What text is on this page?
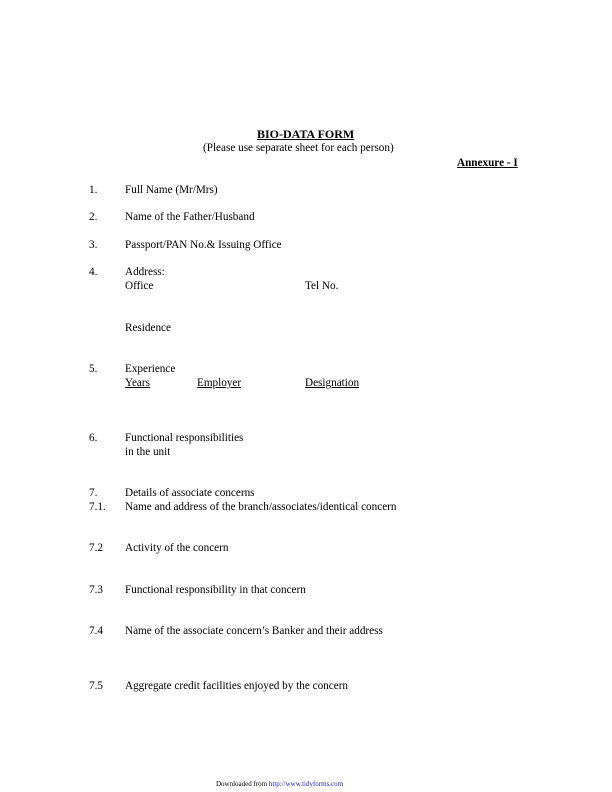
BIO-DATA FORM
(Please use separate sheet for each person)
Annexure - I
1. Full Name (Mr/Mrs)
2. Name of the Father/Husband
3. Passport/PAN No.& Issuing Office
4. Address:
Office	Tel No.
Residence
5. Experience
Years	Employer	Designation
6. Functional responsibilities
in the unit
7. Details of associate concerns
7.1. Name and address of the branch/associates/identical concern
7.2 Activity of the concern
7.3 Functional responsibility in that concern
7.4 Name of the associate concern’s Banker and their address
7.5 Aggregate credit facilities enjoyed by the concern
Downloaded from http://www.tidyforms.com
